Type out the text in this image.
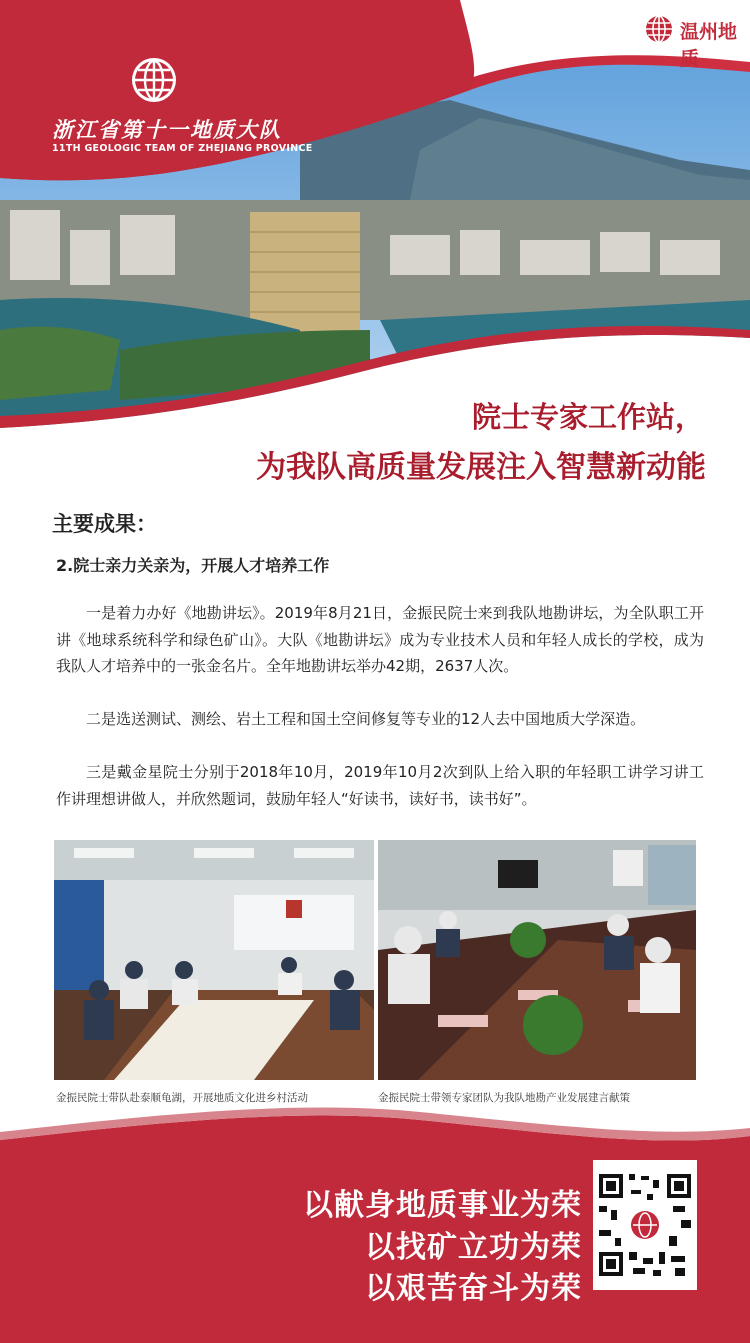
温州地质
浙江省第十一地质大队
11TH GEOLOGIC TEAM OF ZHEJIANG PROVINCE
院士专家工作站，
为我队高质量发展注入智慧新动能
主要成果：
2.院士亲力关亲为，开展人才培养工作
一是着力办好《地勘讲坛》。2019年8月21日，金振民院士来到我队地勘讲坛，为全队职工开讲《地球系统科学和绿色矿山》。大队《地勘讲坛》成为专业技术人员和年轻人成长的学校，成为我队人才培养中的一张金名片。全年地勘讲坛举办42期，2637人次。
二是选送测试、测绘、岩土工程和国土空间修复等专业的12人去中国地质大学深造。
三是戴金星院士分别于2018年10月，2019年10月2次到队上给入职的年轻职工讲学习讲工作讲理想讲做人，并欣然题词，鼓励年轻人“好读书，读好书，读书好”。
金振民院士带队赴泰顺龟湖，开展地质文化进乡村活动	金振民院士带领专家团队为我队地勘产业发展建言献策
以献身地质事业为荣
以找矿立功为荣
以艰苦奋斗为荣
